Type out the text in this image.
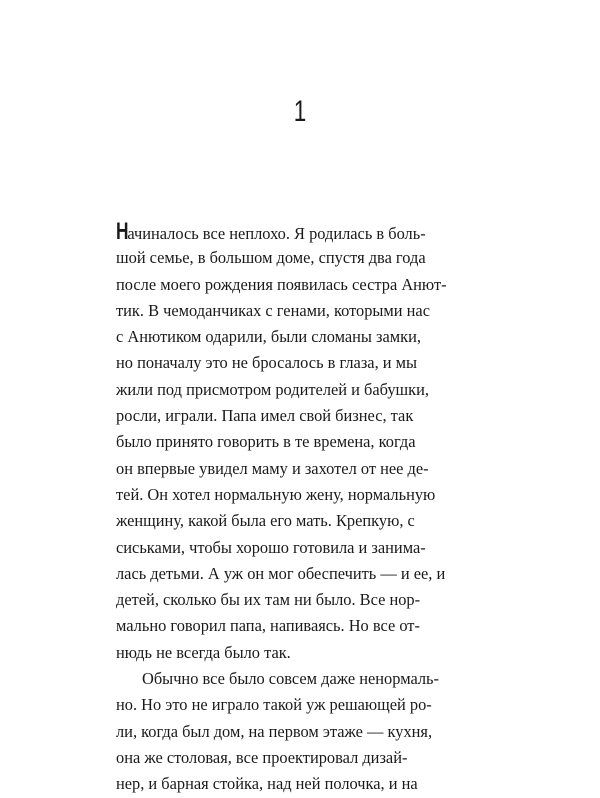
1
Н
ачиналось все неплохо. Я родилась в боль-
шой семье, в большом доме, спустя два года
после моего рождения появилась сестра Анют-
тик. В чемоданчиках с генами, которыми нас
с Анютиком одарили, были сломаны замки,
но поначалу это не бросалось в глаза, и мы
жили под присмотром родителей и бабушки,
росли, играли. Папа имел свой бизнес, так
было принято говорить в те времена, когда
он впервые увидел маму и захотел от нее де-
тей. Он хотел нормальную жену, нормальную
женщину, какой была его мать. Крепкую, с
сиськами, чтобы хорошо готовила и занима-
лась детьми. А уж он мог обеспечить — и ее, и
детей, сколько бы их там ни было. Все нор-
мально говорил папа, напиваясь. Но все от-
нюдь не всегда было так.
Обычно все было совсем даже ненормаль-
но. Но это не играло такой уж решающей ро-
ли, когда был дом, на первом этаже — кухня,
она же столовая, все проектировал дизай-
нер, и барная стойка, над ней полочка, и на
